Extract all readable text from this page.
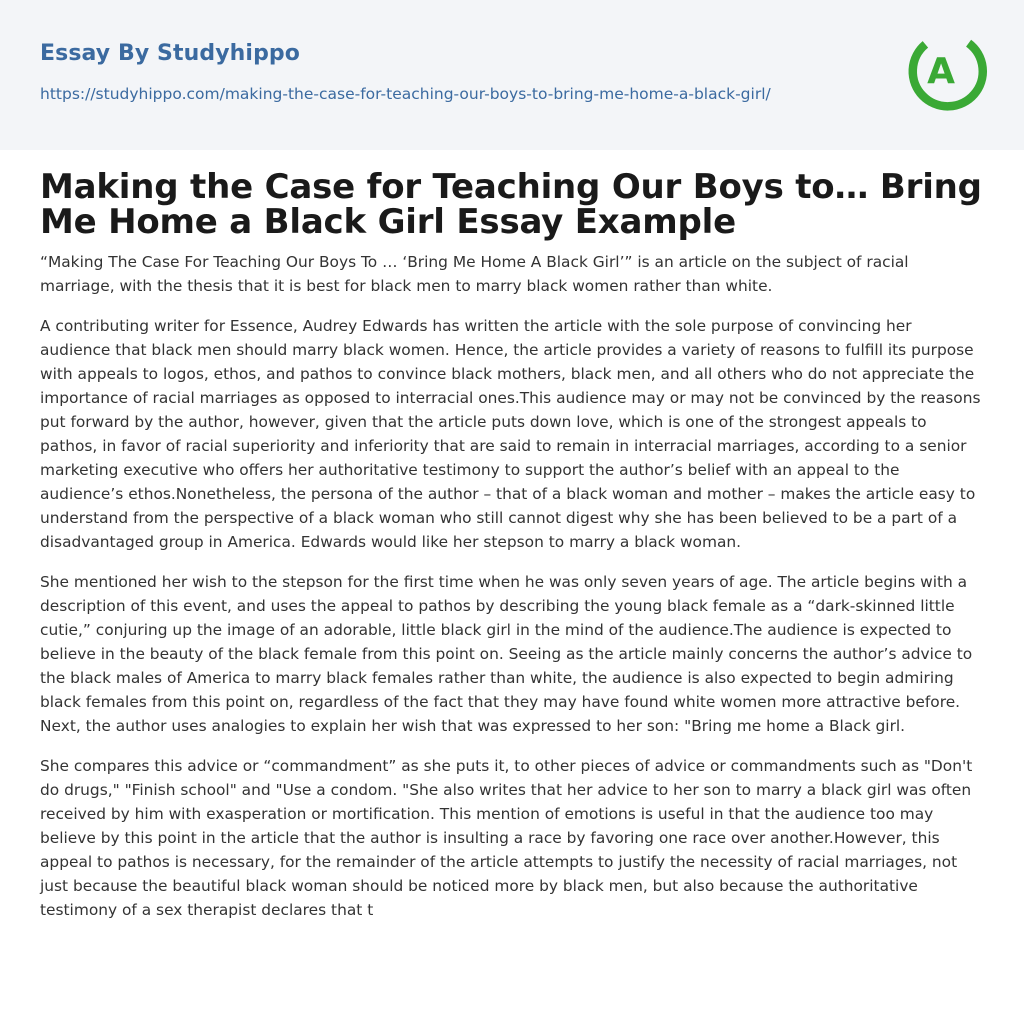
Essay By Studyhippo
https://studyhippo.com/making-the-case-for-teaching-our-boys-to-bring-me-home-a-black-girl/
A
Making the Case for Teaching Our Boys to… Bring Me Home a Black Girl Essay Example

“Making The Case For Teaching Our Boys To … ‘Bring Me Home A Black Girl’” is an article on the subject of racial marriage, with the thesis that it is best for black men to marry black women rather than white.

A contributing writer for Essence, Audrey Edwards has written the article with the sole purpose of convincing her audience that black men should marry black women. Hence, the article provides a variety of reasons to fulfill its purpose with appeals to logos, ethos, and pathos to convince black mothers, black men, and all others who do not appreciate the importance of racial marriages as opposed to interracial ones.This audience may or may not be convinced by the reasons put forward by the author, however, given that the article puts down love, which is one of the strongest appeals to pathos, in favor of racial superiority and inferiority that are said to remain in interracial marriages, according to a senior marketing executive who offers her authoritative testimony to support the author’s belief with an appeal to the audience’s ethos.Nonetheless, the persona of the author – that of a black woman and mother – makes the article easy to understand from the perspective of a black woman who still cannot digest why she has been believed to be a part of a disadvantaged group in America. Edwards would like her stepson to marry a black woman.

She mentioned her wish to the stepson for the first time when he was only seven years of age. The article begins with a description of this event, and uses the appeal to pathos by describing the young black female as a “dark-skinned little cutie,” conjuring up the image of an adorable, little black girl in the mind of the audience.The audience is expected to believe in the beauty of the black female from this point on. Seeing as the article mainly concerns the author’s advice to the black males of America to marry black females rather than white, the audience is also expected to begin admiring black females from this point on, regardless of the fact that they may have found white women more attractive before. Next, the author uses analogies to explain her wish that was expressed to her son: "Bring me home a Black girl.

She compares this advice or “commandment” as she puts it, to other pieces of advice or commandments such as "Don't do drugs," "Finish school" and "Use a condom. "She also writes that her advice to her son to marry a black girl was often received by him with exasperation or mortification. This mention of emotions is useful in that the audience too may believe by this point in the article that the author is insulting a race by favoring one race over another.However, this appeal to pathos is necessary, for the remainder of the article attempts to justify the necessity of racial marriages, not just because the beautiful black woman should be noticed more by black men, but also because the authoritative testimony of a sex therapist declares that t
